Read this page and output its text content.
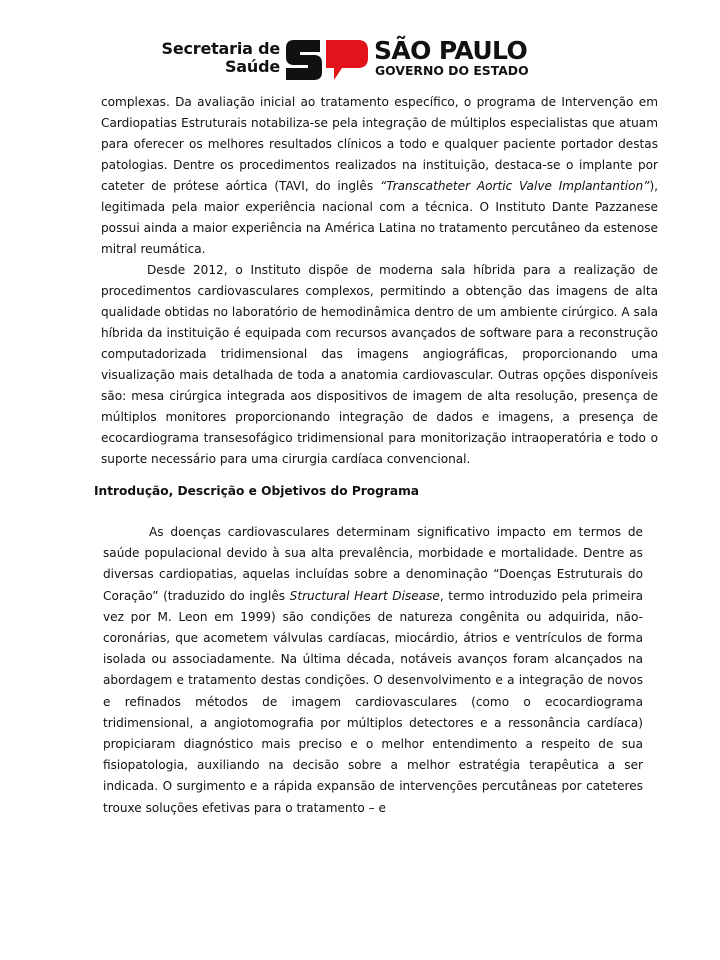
Secretaria de
Saúde
SÃO PAULO
GOVERNO DO ESTADO

complexas. Da avaliação inicial ao tratamento específico, o programa de Intervenção em Cardiopatias Estruturais notabiliza-se pela integração de múltiplos especialistas que atuam para oferecer os melhores resultados clínicos a todo e qualquer paciente portador destas patologias. Dentre os procedimentos realizados na instituição, destaca-se o implante por cateter de prótese aórtica (TAVI, do inglês “Transcatheter Aortic Valve Implantantion”), legitimada pela maior experiência nacional com a técnica. O Instituto Dante Pazzanese possui ainda a maior experiência na América Latina no tratamento percutâneo da estenose mitral reumática.

Desde 2012, o Instituto dispõe de moderna sala híbrida para a realização de procedimentos cardiovasculares complexos, permitindo a obtenção das imagens de alta qualidade obtidas no laboratório de hemodinâmica dentro de um ambiente cirúrgico. A sala híbrida da instituição é equipada com recursos avançados de software para a reconstrução computadorizada tridimensional das imagens angiográficas, proporcionando uma visualização mais detalhada de toda a anatomia cardiovascular. Outras opções disponíveis são: mesa cirúrgica integrada aos dispositivos de imagem de alta resolução, presença de múltiplos monitores proporcionando integração de dados e imagens, a presença de ecocardiograma transesofágico tridimensional para monitorização intraoperatória e todo o suporte necessário para uma cirurgia cardíaca convencional.

Introdução, Descrição e Objetivos do Programa

As doenças cardiovasculares determinam significativo impacto em termos de saúde populacional devido à sua alta prevalência, morbidade e mortalidade. Dentre as diversas cardiopatias, aquelas incluídas sobre a denominação “Doenças Estruturais do Coração” (traduzido do inglês Structural Heart Disease, termo introduzido pela primeira vez por M. Leon em 1999) são condições de natureza congênita ou adquirida, não-coronárias, que acometem válvulas cardíacas, miocárdio, átrios e ventrículos de forma isolada ou associadamente. Na última década, notáveis avanços foram alcançados na abordagem e tratamento destas condições. O desenvolvimento e a integração de novos e refinados métodos de imagem cardiovasculares (como o ecocardiograma tridimensional, a angiotomografia por múltiplos detectores e a ressonância cardíaca) propiciaram diagnóstico mais preciso e o melhor entendimento a respeito de sua fisiopatologia, auxiliando na decisão sobre a melhor estratégia terapêutica a ser indicada. O surgimento e a rápida expansão de intervenções percutâneas por cateteres trouxe soluções efetivas para o tratamento – e
